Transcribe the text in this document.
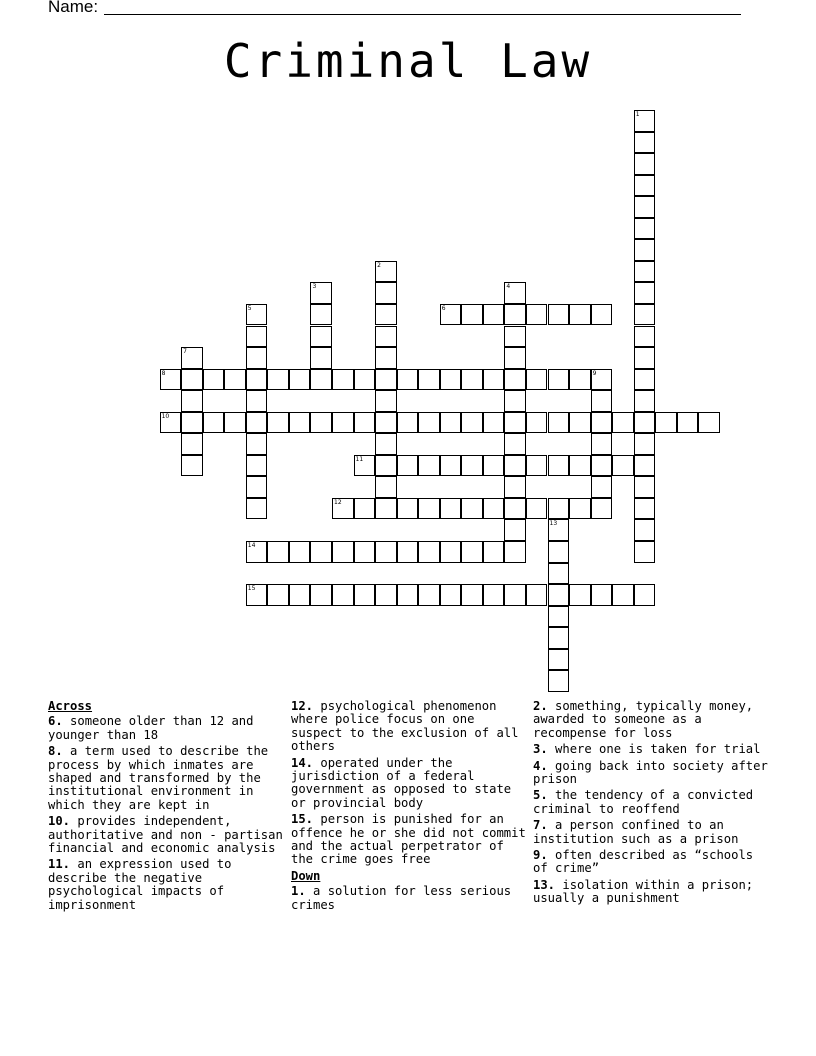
Name:
Criminal Law
1
2
3	4
5	6
7
8	9
10
11
12
13
14
15
Across
6. someone older than 12 and younger than 18
8. a term used to describe the process by which inmates are shaped and transformed by the institutional environment in which they are kept in
10. provides independent, authoritative and non - partisan financial and economic analysis
11. an expression used to describe the negative psychological impacts of imprisonment
12. psychological phenomenon where police focus on one suspect to the exclusion of all others
14. operated under the jurisdiction of a federal government as opposed to state or provincial body
15. person is punished for an offence he or she did not commit and the actual perpetrator of the crime goes free
Down
1. a solution for less serious crimes
2. something, typically money, awarded to someone as a recompense for loss
3. where one is taken for trial
4. going back into society after prison
5. the tendency of a convicted criminal to reoffend
7. a person confined to an institution such as a prison
9. often described as “schools of crime”
13. isolation within a prison; usually a punishment
